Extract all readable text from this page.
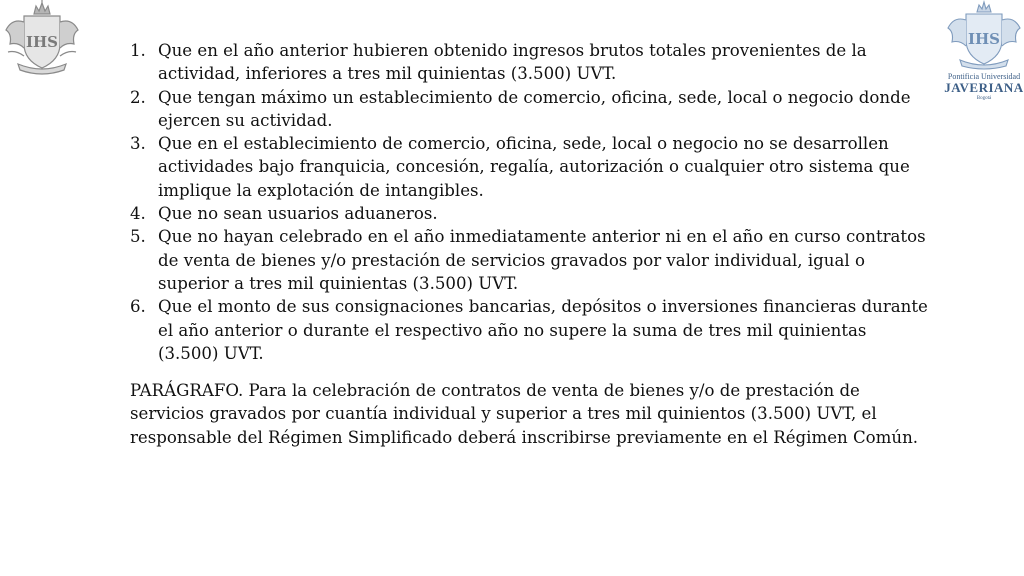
IHS	IHS
Pontificia Universidad
JAVERIANA
Bogotá
1. Que en el año anterior hubieren obtenido ingresos brutos totales provenientes de la actividad, inferiores a tres mil quinientas (3.500) UVT.
2. Que tengan máximo un establecimiento de comercio, oficina, sede, local o negocio donde ejercen su actividad.
3. Que en el establecimiento de comercio, oficina, sede, local o negocio no se desarrollen actividades bajo franquicia, concesión, regalía, autorización o cualquier otro sistema que implique la explotación de intangibles.
4. Que no sean usuarios aduaneros.
5. Que no hayan celebrado en el año inmediatamente anterior ni en el año en curso contratos de venta de bienes y/o prestación de servicios gravados por valor individual, igual o superior a tres mil quinientas (3.500) UVT.
6. Que el monto de sus consignaciones bancarias, depósitos o inversiones financieras durante el año anterior o durante el respectivo año no supere la suma de tres mil quinientas (3.500) UVT.

PARÁGRAFO. Para la celebración de contratos de venta de bienes y/o de prestación de servicios gravados por cuantía individual y superior a tres mil quinientos (3.500) UVT, el responsable del Régimen Simplificado deberá inscribirse previamente en el Régimen Común.
